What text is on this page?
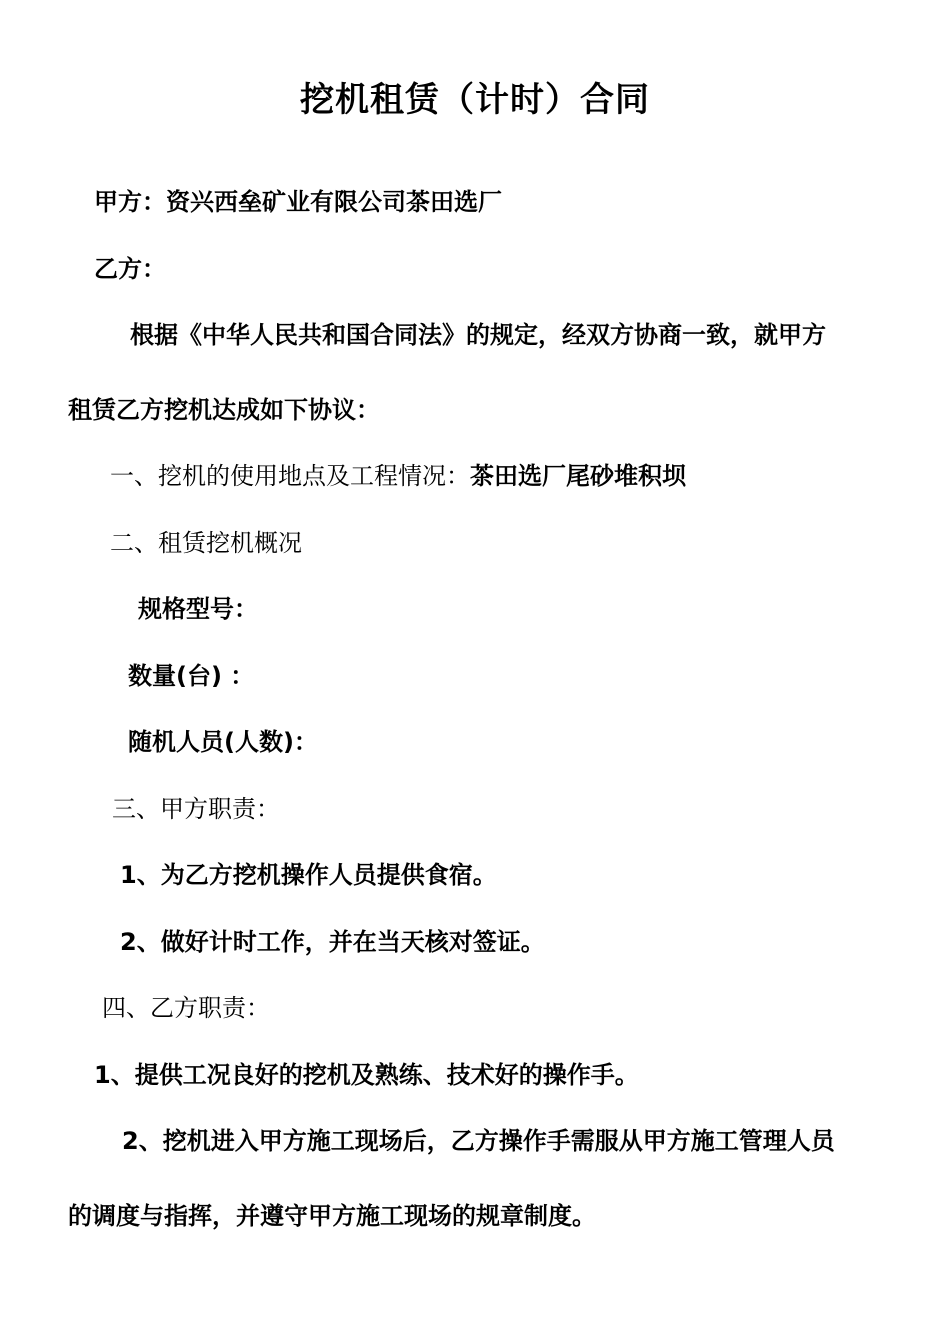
挖机租赁（计时）合同
甲方：资兴西垒矿业有限公司茶田选厂
乙方：
根据《中华人民共和国合同法》的规定，经双方协商一致，就甲方
租赁乙方挖机达成如下协议：
一、挖机的使用地点及工程情况：茶田选厂尾砂堆积坝
二、租赁挖机概况
规格型号：
数量(台) ：
随机人员(人数)：
三、甲方职责：
1、为乙方挖机操作人员提供食宿。
2、做好计时工作，并在当天核对签证。
四、乙方职责：
1、提供工况良好的挖机及熟练、技术好的操作手。
2、挖机进入甲方施工现场后，乙方操作手需服从甲方施工管理人员
的调度与指挥，并遵守甲方施工现场的规章制度。
